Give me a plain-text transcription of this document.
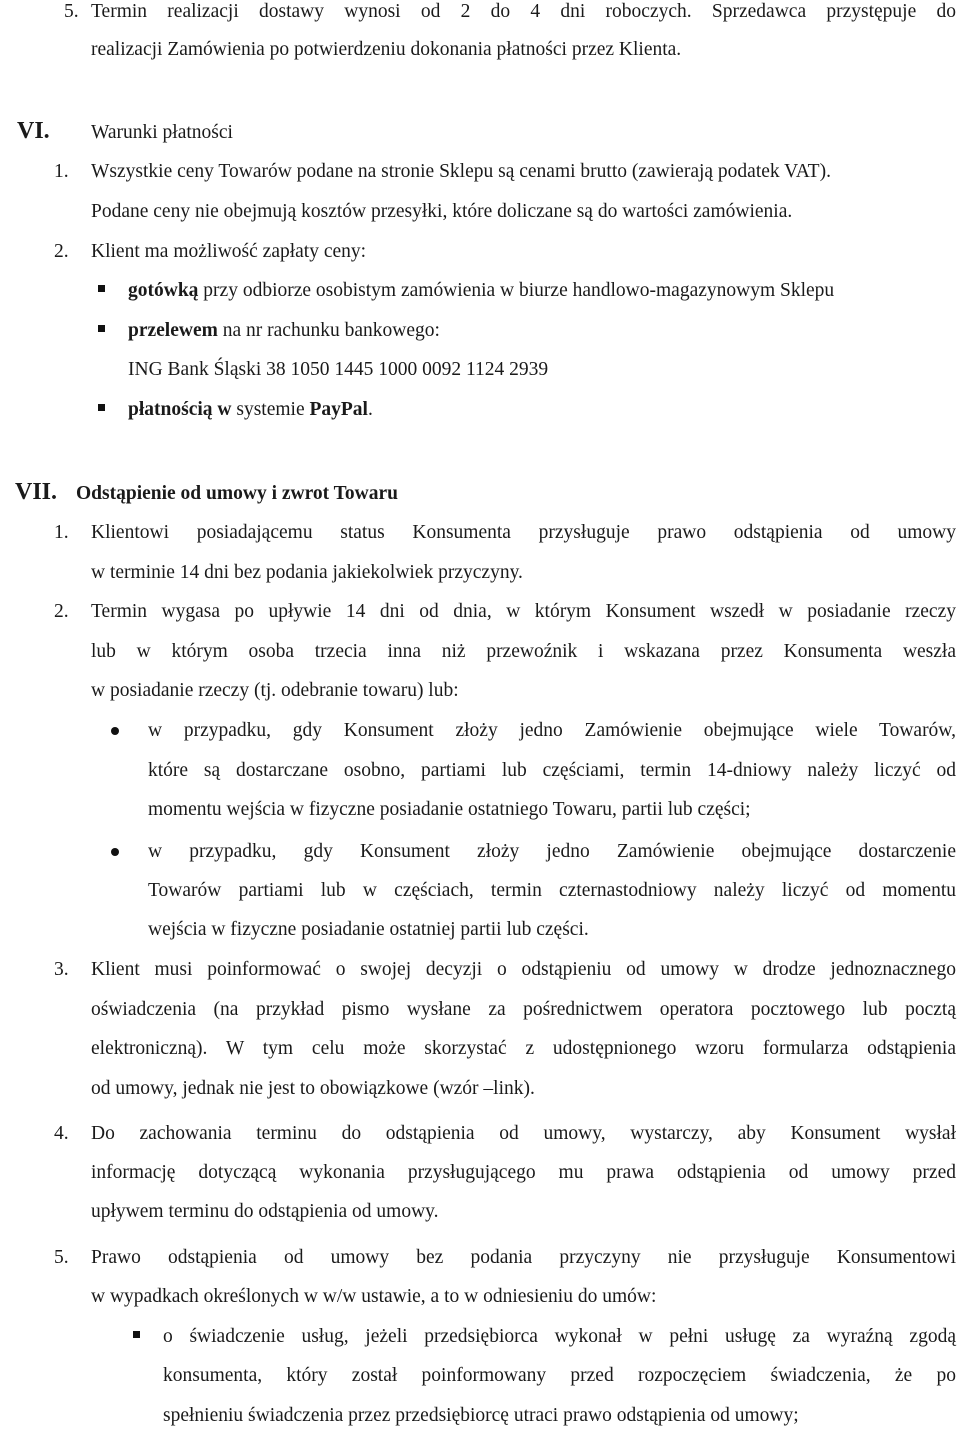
5. Termin realizacji dostawy wynosi od 2 do 4 dni roboczych. Sprzedawca przystępuje do
realizacji Zamówienia po potwierdzeniu dokonania płatności przez Klienta.
VI. Warunki płatności
1. Wszystkie ceny Towarów podane na stronie Sklepu są cenami brutto (zawierają podatek VAT).
Podane ceny nie obejmują kosztów przesyłki, które doliczane są do wartości zamówienia.
2. Klient ma możliwość zapłaty ceny:
gotówką przy odbiorze osobistym zamówienia w biurze handlowo-magazynowym Sklepu
przelewem na nr rachunku bankowego:
ING Bank Śląski 38 1050 1445 1000 0092 1124 2939
płatnością w systemie PayPal.
VII. Odstąpienie od umowy i zwrot Towaru
1. Klientowi posiadającemu status Konsumenta przysługuje prawo odstąpienia od umowy
w terminie 14 dni bez podania jakiekolwiek przyczyny.
2. Termin wygasa po upływie 14 dni od dnia, w którym Konsument wszedł w posiadanie rzeczy
lub w którym osoba trzecia inna niż przewoźnik i wskazana przez Konsumenta weszła
w posiadanie rzeczy (tj. odebranie towaru) lub:
w przypadku, gdy Konsument złoży jedno Zamówienie obejmujące wiele Towarów,
które są dostarczane osobno, partiami lub częściami, termin 14-dniowy należy liczyć od
momentu wejścia w fizyczne posiadanie ostatniego Towaru, partii lub części;
w przypadku, gdy Konsument złoży jedno Zamówienie obejmujące dostarczenie
Towarów partiami lub w częściach, termin czternastodniowy należy liczyć od momentu
wejścia w fizyczne posiadanie ostatniej partii lub części.
3. Klient musi poinformować o swojej decyzji o odstąpieniu od umowy w drodze jednoznacznego
oświadczenia (na przykład pismo wysłane za pośrednictwem operatora pocztowego lub pocztą
elektroniczną). W tym celu może skorzystać z udostępnionego wzoru formularza odstąpienia
od umowy, jednak nie jest to obowiązkowe (wzór –link).
4. Do zachowania terminu do odstąpienia od umowy, wystarczy, aby Konsument wysłał
informację dotyczącą wykonania przysługującego mu prawa odstąpienia od umowy przed
upływem terminu do odstąpienia od umowy.
5. Prawo odstąpienia od umowy bez podania przyczyny nie przysługuje Konsumentowi
w wypadkach określonych w w/w ustawie, a to w odniesieniu do umów:
o świadczenie usług, jeżeli przedsiębiorca wykonał w pełni usługę za wyraźną zgodą
konsumenta, który został poinformowany przed rozpoczęciem świadczenia, że po
spełnieniu świadczenia przez przedsiębiorcę utraci prawo odstąpienia od umowy;
